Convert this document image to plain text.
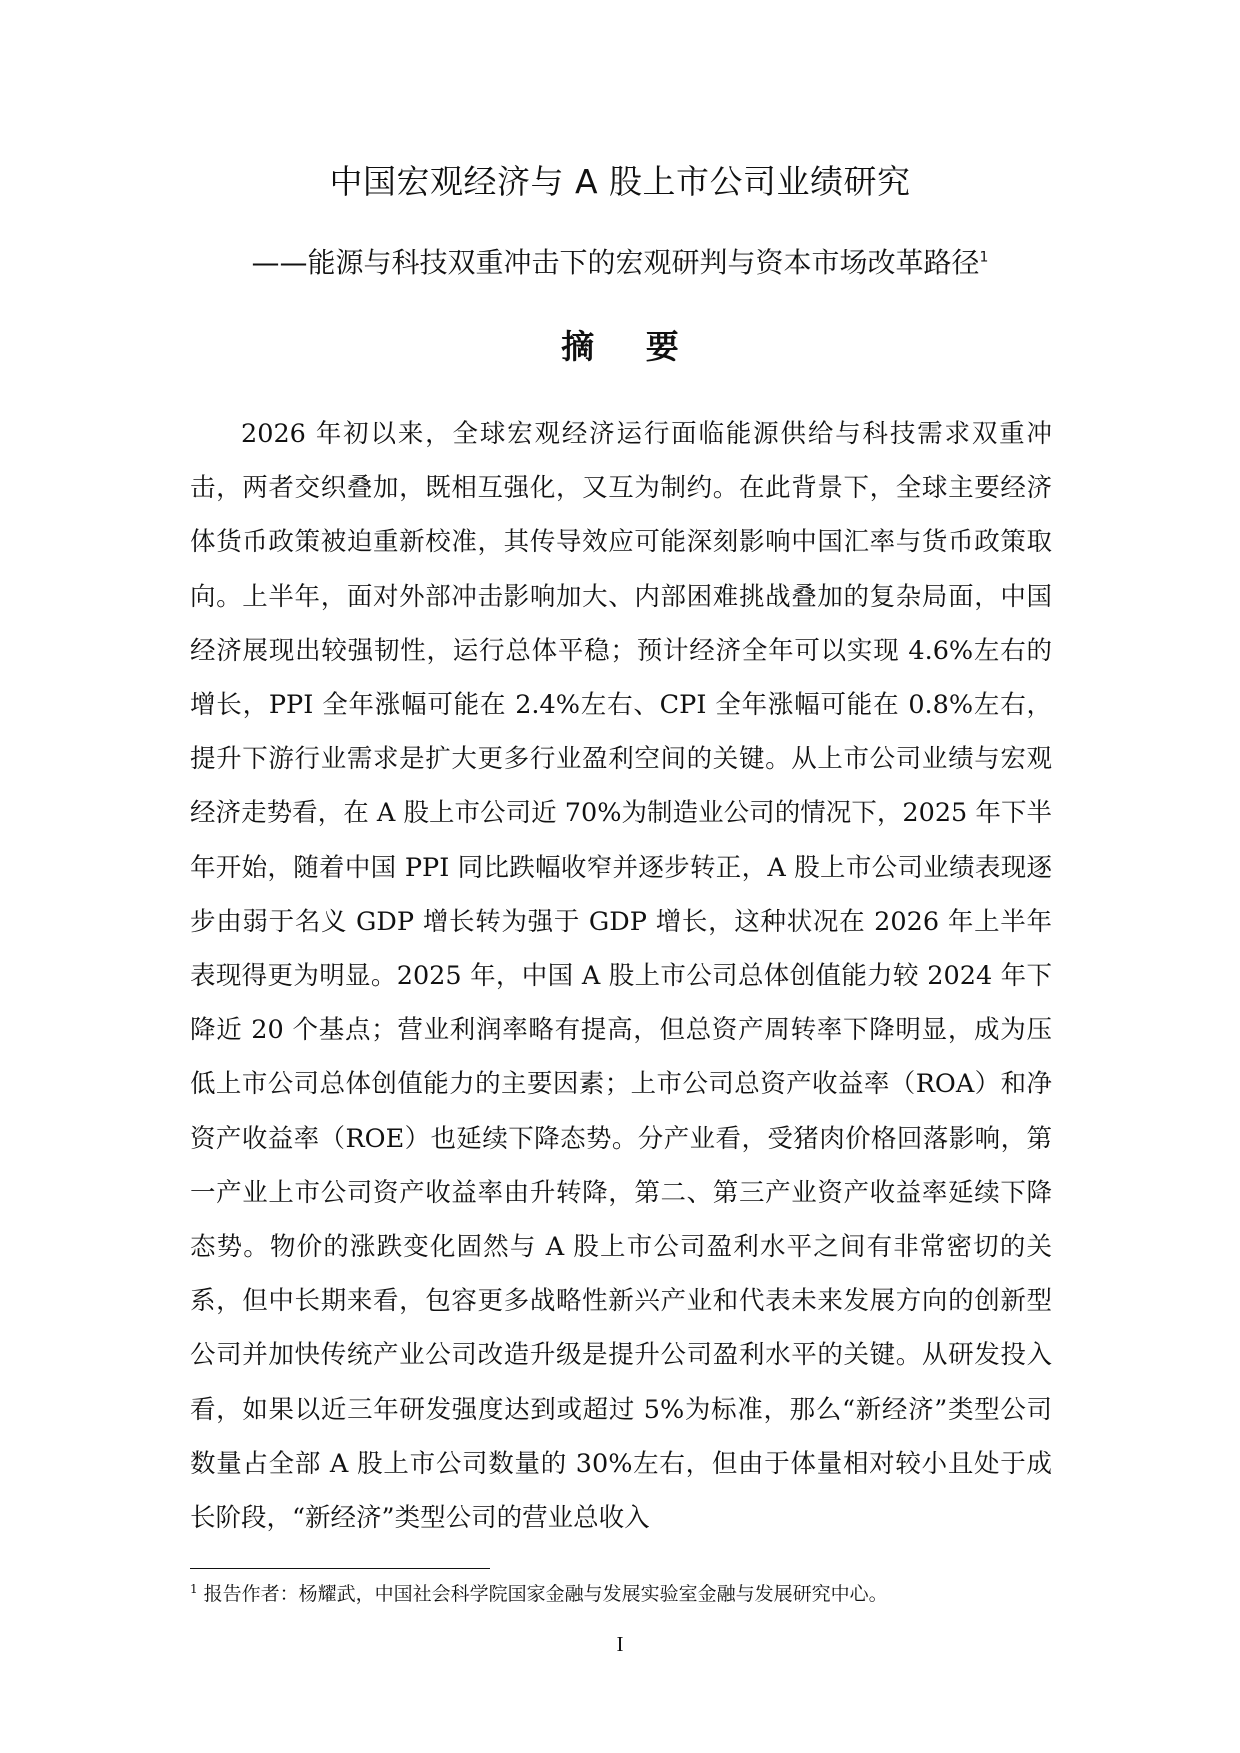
中国宏观经济与 A 股上市公司业绩研究
——能源与科技双重冲击下的宏观研判与资本市场改革路径$^1$
摘 要

2026 年初以来，全球宏观经济运行面临能源供给与科技需求双重冲击，两者交织叠加，既相互强化，又互为制约。在此背景下，全球主要经济体货币政策被迫重新校准，其传导效应可能深刻影响中国汇率与货币政策取向。上半年，面对外部冲击影响加大、内部困难挑战叠加的复杂局面，中国经济展现出较强韧性，运行总体平稳；预计经济全年可以实现 4.6%左右的增长，PPI 全年涨幅可能在 2.4%左右、CPI 全年涨幅可能在 0.8%左右，提升下游行业需求是扩大更多行业盈利空间的关键。从上市公司业绩与宏观经济走势看，在 A 股上市公司近 70%为制造业公司的情况下，2025 年下半年开始，随着中国 PPI 同比跌幅收窄并逐步转正，A 股上市公司业绩表现逐步由弱于名义 GDP 增长转为强于 GDP 增长，这种状况在 2026 年上半年表现得更为明显。2025 年，中国 A 股上市公司总体创值能力较 2024 年下降近 20 个基点；营业利润率略有提高，但总资产周转率下降明显，成为压低上市公司总体创值能力的主要因素；上市公司总资产收益率（ROA）和净资产收益率（ROE）也延续下降态势。分产业看，受猪肉价格回落影响，第一产业上市公司资产收益率由升转降，第二、第三产业资产收益率延续下降态势。物价的涨跌变化固然与 A 股上市公司盈利水平之间有非常密切的关系，但中长期来看，包容更多战略性新兴产业和代表未来发展方向的创新型公司并加快传统产业公司改造升级是提升公司盈利水平的关键。从研发投入看，如果以近三年研发强度达到或超过 5%为标准，那么“新经济”类型公司数量占全部 A 股上市公司数量的 30%左右，但由于体量相对较小且处于成长阶段，“新经济”类型公司的营业总收入

$^1$ 报告作者：杨耀武，中国社会科学院国家金融与发展实验室金融与发展研究中心。
I
